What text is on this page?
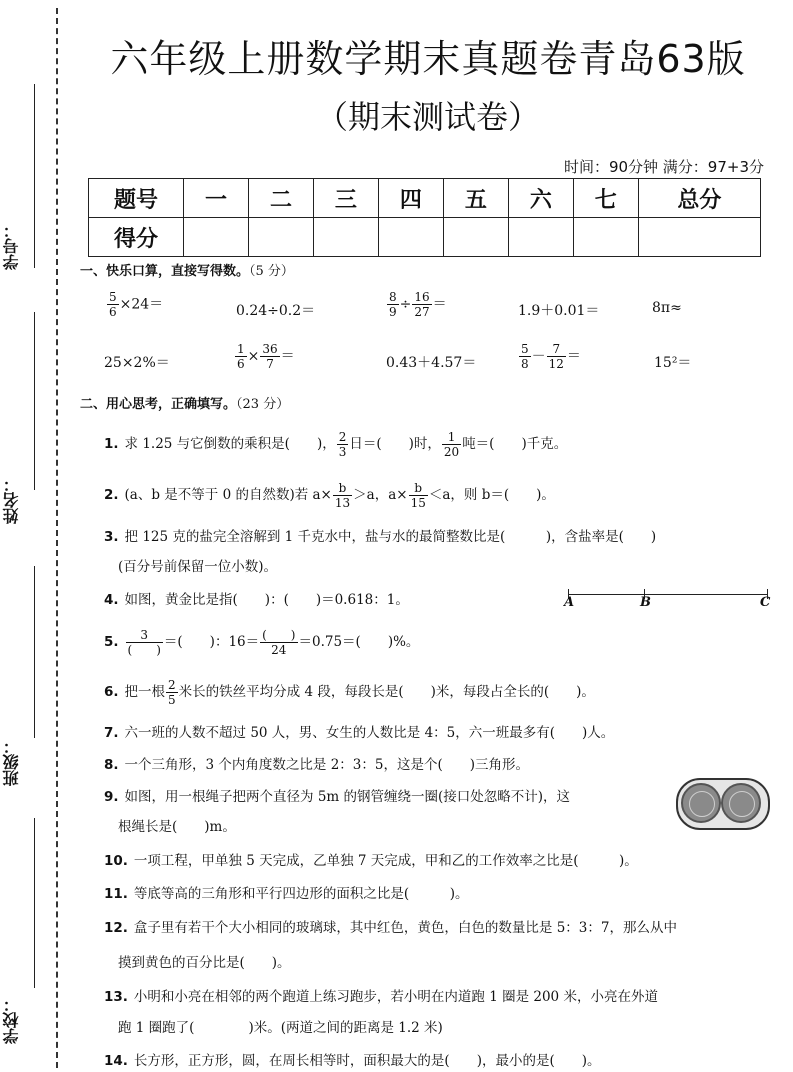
学号：
姓名：
班级：
学校：
六年级上册数学期末真题卷青岛63版
（期末测试卷）
时间：90分钟 满分：97+3分
题号	一	二	三	四	五	六	七	总分
得分								
一、快乐口算，直接写得数。（5 分）
$\frac{5}{6} \times 24=$	0.24÷0.2＝	$\frac{8}{9} \div \frac{16}{27}$ ＝	1.9＋0.01＝	8π≈
25×2%＝	$\frac{1}{6} \times \frac{36}{7}$ ＝	0.43＋4.57＝	$\frac{5}{8} - \frac{7}{12}$ ＝	15²＝
二、用心思考，正确填写。（23 分）
1. 求 1.25 与它倒数的乘积是(　　)， $\frac{2}{3}$ 日＝(　　)时， $\frac{1}{20}$ 吨＝(　　)千克。
2. (a、b 是不等于 0 的自然数)若 $a\times \frac{b}{13} >a$，$a\times \frac{b}{15} <a$，则 b＝(　　)。
3. 把 125 克的盐完全溶解到 1 千克水中，盐与水的最简整数比是(　　　)，含盐率是(　　)
(百分号前保留一位小数)。
4. 如图，黄金比是指(　　)：(　　)＝0.618：1。	A	B	C
5. $\frac{3}{( )}$ ＝(　　)：$16= \frac{( )}{24} =0.75=$(　　)%。
6. 把一根 $\frac{2}{5}$ 米长的铁丝平均分成 4 段，每段长是(　　)米，每段占全长的(　　)。
7. 六一班的人数不超过 50 人，男、女生的人数比是 4：5，六一班最多有(　　)人。
8. 一个三角形，3 个内角度数之比是 2：3：5，这是个(　　)三角形。
9. 如图，用一根绳子把两个直径为 5m 的钢管缠绕一圈(接口处忽略不计)，这
根绳长是(　　)m。
10. 一项工程，甲单独 5 天完成，乙单独 7 天完成，甲和乙的工作效率之比是(　　　)。
11. 等底等高的三角形和平行四边形的面积之比是(　　　)。
12. 盒子里有若干个大小相同的玻璃球，其中红色，黄色，白色的数量比是 5：3：7，那么从中
摸到黄色的百分比是(　　)。
13. 小明和小亮在相邻的两个跑道上练习跑步，若小明在内道跑 1 圈是 200 米，小亮在外道
跑 1 圈跑了(　　　　)米。(两道之间的距离是 1.2 米)
14. 长方形，正方形，圆，在周长相等时，面积最大的是(　　)，最小的是(　　)。
